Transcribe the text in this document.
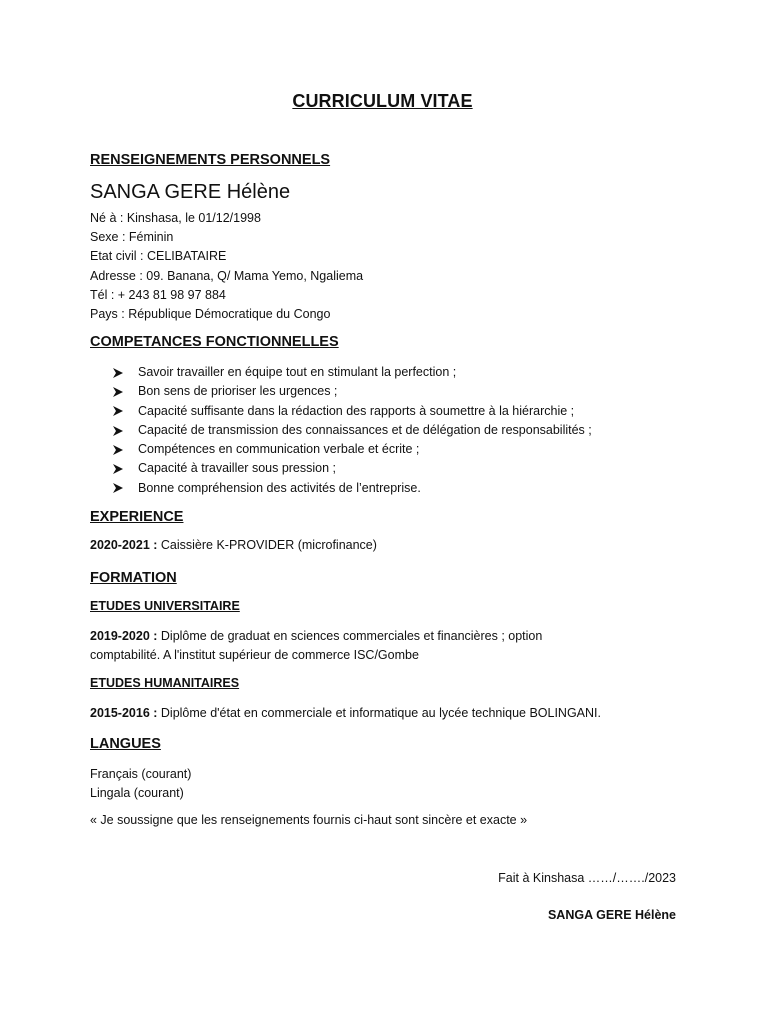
CURRICULUM VITAE
RENSEIGNEMENTS PERSONNELS
SANGA GERE Hélène
Né à : Kinshasa, le 01/12/1998
Sexe : Féminin
Etat civil : CELIBATAIRE
Adresse : 09. Banana, Q/ Mama Yemo, Ngaliema
Tél : + 243 81 98 97 884
Pays : République Démocratique du Congo
COMPETANCES FONCTIONNELLES
Savoir travailler en équipe tout en stimulant la perfection ;
Bon sens de prioriser les urgences ;
Capacité suffisante dans la rédaction des rapports à soumettre à la hiérarchie ;
Capacité de transmission des connaissances et de délégation de responsabilités ;
Compétences en communication verbale et écrite ;
Capacité à travailler sous pression ;
Bonne compréhension des activités de l’entreprise.
EXPERIENCE
2020-2021 : Caissière K-PROVIDER (microfinance)
FORMATION
ETUDES UNIVERSITAIRE
2019-2020 : Diplôme de graduat en sciences commerciales et financières ; option
comptabilité. A l'institut supérieur de commerce ISC/Gombe
ETUDES HUMANITAIRES
2015-2016 : Diplôme d'état en commerciale et informatique au lycée technique BOLINGANI.
LANGUES
Français (courant)
Lingala (courant)
« Je soussigne que les renseignements fournis ci-haut sont sincère et exacte »
Fait à Kinshasa ……/……./2023
SANGA GERE Hélène
